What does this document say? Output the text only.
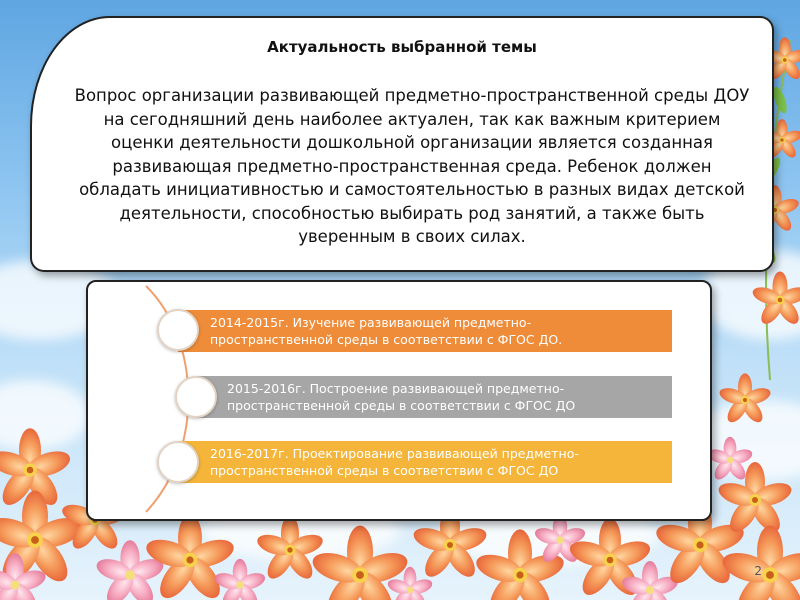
Актуальность выбранной темы
Вопрос организации развивающей предметно-пространственной среды ДОУ на сегодняшний день наиболее актуален, так как важным критерием оценки деятельности дошкольной организации является созданная развивающая предметно-пространственная среда. Ребенок должен обладать инициативностью и самостоятельностью в разных видах детской деятельности, способностью выбирать род занятий, а также быть уверенным в своих силах.
2014-2015г. Изучение развивающей предметно-
пространственной среды в соответствии с ФГОС ДО.
2015-2016г. Построение развивающей предметно-
пространственной среды в соответствии с ФГОС ДО
2016-2017г. Проектирование развивающей предметно-
пространственной среды в соответствии с ФГОС ДО
2
